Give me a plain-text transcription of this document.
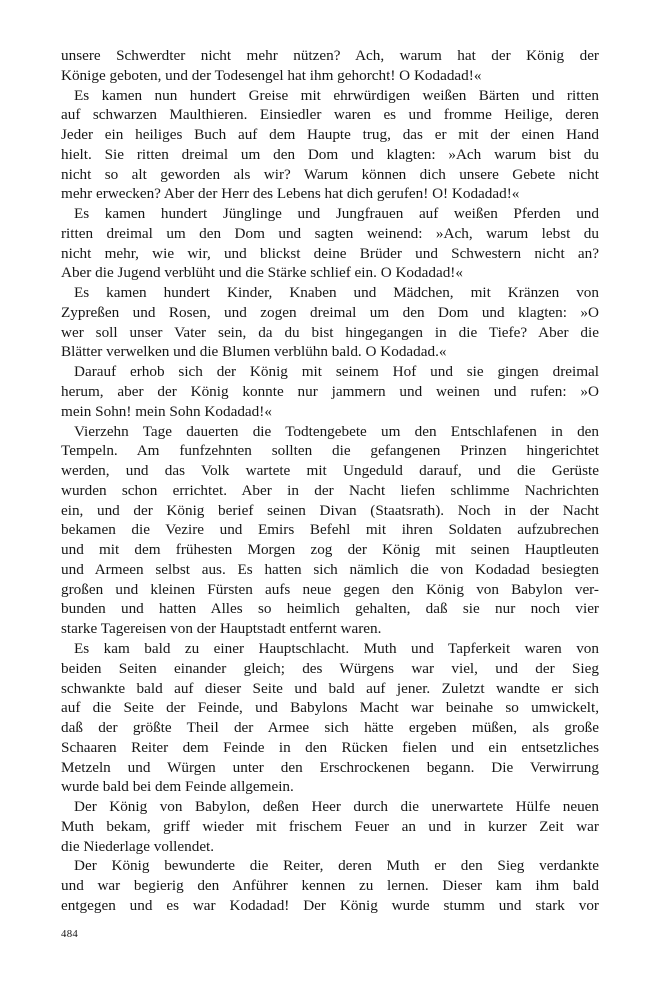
unsere Schwerdter nicht mehr nützen? Ach, warum hat der König der
Könige geboten, und der Todesengel hat ihm gehorcht! O Kodadad!«
Es kamen nun hundert Greise mit ehrwürdigen weißen Bärten und ritten
auf schwarzen Maulthieren. Einsiedler waren es und fromme Heilige, deren
Jeder ein heiliges Buch auf dem Haupte trug, das er mit der einen Hand
hielt. Sie ritten dreimal um den Dom und klagten: »Ach warum bist du
nicht so alt geworden als wir? Warum können dich unsere Gebete nicht
mehr erwecken? Aber der Herr des Lebens hat dich gerufen! O! Kodadad!«
Es kamen hundert Jünglinge und Jungfrauen auf weißen Pferden und
ritten dreimal um den Dom und sagten weinend: »Ach, warum lebst du
nicht mehr, wie wir, und blickst deine Brüder und Schwestern nicht an?
Aber die Jugend verblüht und die Stärke schlief ein. O Kodadad!«
Es kamen hundert Kinder, Knaben und Mädchen, mit Kränzen von
Zypreßen und Rosen, und zogen dreimal um den Dom und klagten: »O
wer soll unser Vater sein, da du bist hingegangen in die Tiefe? Aber die
Blätter verwelken und die Blumen verblühn bald. O Kodadad.«
Darauf erhob sich der König mit seinem Hof und sie gingen dreimal
herum, aber der König konnte nur jammern und weinen und rufen: »O
mein Sohn! mein Sohn Kodadad!«
Vierzehn Tage dauerten die Todtengebete um den Entschlafenen in den
Tempeln. Am funfzehnten sollten die gefangenen Prinzen hingerichtet
werden, und das Volk wartete mit Ungeduld darauf, und die Gerüste
wurden schon errichtet. Aber in der Nacht liefen schlimme Nachrichten
ein, und der König berief seinen Divan (Staatsrath). Noch in der Nacht
bekamen die Vezire und Emirs Befehl mit ihren Soldaten aufzubrechen
und mit dem frühesten Morgen zog der König mit seinen Hauptleuten
und Armeen selbst aus. Es hatten sich nämlich die von Kodadad besiegten
großen und kleinen Fürsten aufs neue gegen den König von Babylon ver-
bunden und hatten Alles so heimlich gehalten, daß sie nur noch vier
starke Tagereisen von der Hauptstadt entfernt waren.
Es kam bald zu einer Hauptschlacht. Muth und Tapferkeit waren von
beiden Seiten einander gleich; des Würgens war viel, und der Sieg
schwankte bald auf dieser Seite und bald auf jener. Zuletzt wandte er sich
auf die Seite der Feinde, und Babylons Macht war beinahe so umwickelt,
daß der größte Theil der Armee sich hätte ergeben müßen, als große
Schaaren Reiter dem Feinde in den Rücken fielen und ein entsetzliches
Metzeln und Würgen unter den Erschrockenen begann. Die Verwirrung
wurde bald bei dem Feinde allgemein.
Der König von Babylon, deßen Heer durch die unerwartete Hülfe neuen
Muth bekam, griff wieder mit frischem Feuer an und in kurzer Zeit war
die Niederlage vollendet.
Der König bewunderte die Reiter, deren Muth er den Sieg verdankte
und war begierig den Anführer kennen zu lernen. Dieser kam ihm bald
entgegen und es war Kodadad! Der König wurde stumm und stark vor
484
